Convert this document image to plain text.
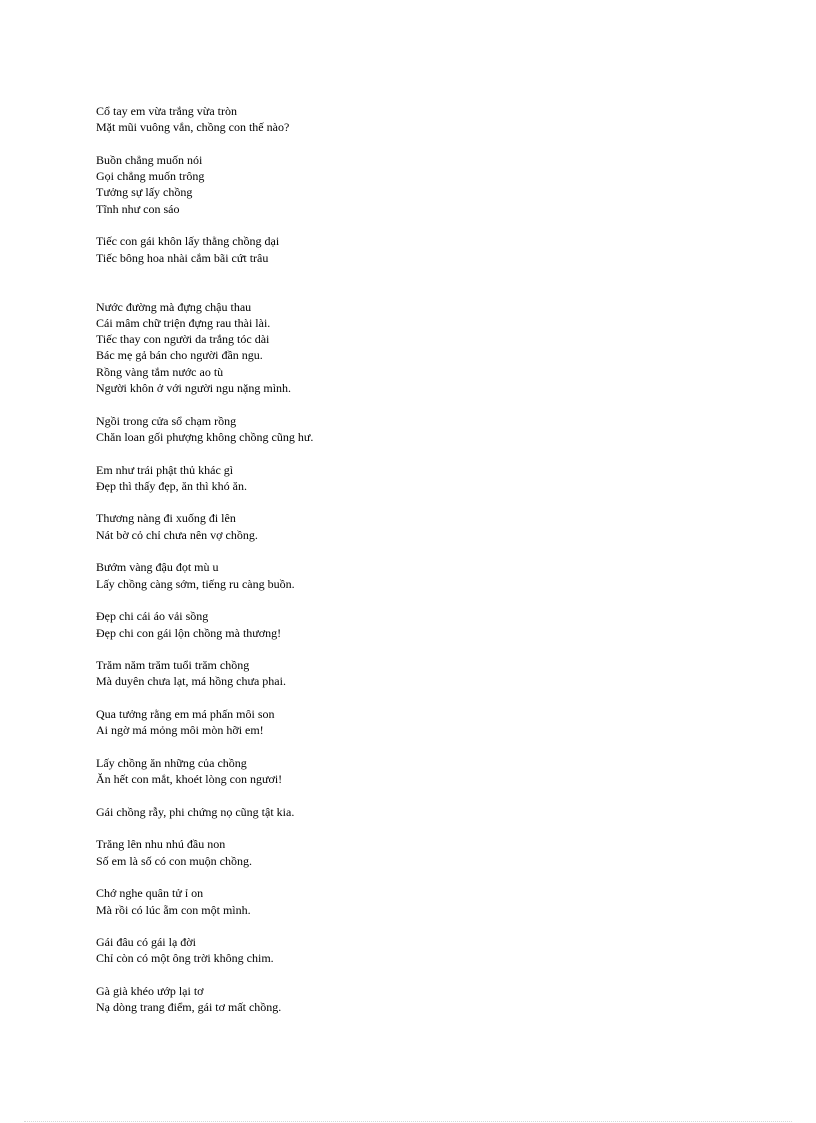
Cổ tay em vừa trắng vừa tròn
Mặt mũi vuông vắn, chồng con thế nào?
Buồn chẳng muốn nói
Gọi chẳng muốn trông
Tưởng sự lấy chồng
Tĩnh như con sáo
Tiếc con gái khôn lấy thằng chồng dại
Tiếc bông hoa nhài cắm bãi cứt trâu
Nước đường mà đựng chậu thau
Cái mâm chữ triện đựng rau thài lài.
Tiếc thay con người da trắng tóc dài
Bác mẹ gả bán cho người đần ngu.
Rồng vàng tắm nước ao tù
Người khôn ở với người ngu nặng mình.
Ngồi trong cửa sổ chạm rồng
Chăn loan gối phượng không chồng cũng hư.
Em như trái phật thủ khác gì
Đẹp thì thấy đẹp, ăn thì khó ăn.
Thương nàng đi xuống đi lên
Nát bờ cỏ chỉ chưa nên vợ chồng.
Bướm vàng đậu đọt mù u
Lấy chồng càng sớm, tiếng ru càng buồn.
Đẹp chi cái áo vải sồng
Đẹp chi con gái lộn chồng mà thương!
Trăm năm trăm tuổi trăm chồng
Mà duyên chưa lạt, má hồng chưa phai.
Qua tưởng rằng em má phấn môi son
Ai ngờ má mỏng môi mòn hỡi em!
Lấy chồng ăn những của chồng
Ăn hết con mắt, khoét lòng con ngươi!
Gái chồng rẫy, phi chứng nọ cũng tật kia.
Trăng lên nhu nhú đầu non
Số em là số có con muộn chồng.
Chớ nghe quân tử ỉ on
Mà rồi có lúc ẵm con một mình.
Gái đâu có gái lạ đời
Chỉ còn có một ông trời không chim.
Gà già khéo ướp lại tơ
Nạ dòng trang điểm, gái tơ mất chồng.
